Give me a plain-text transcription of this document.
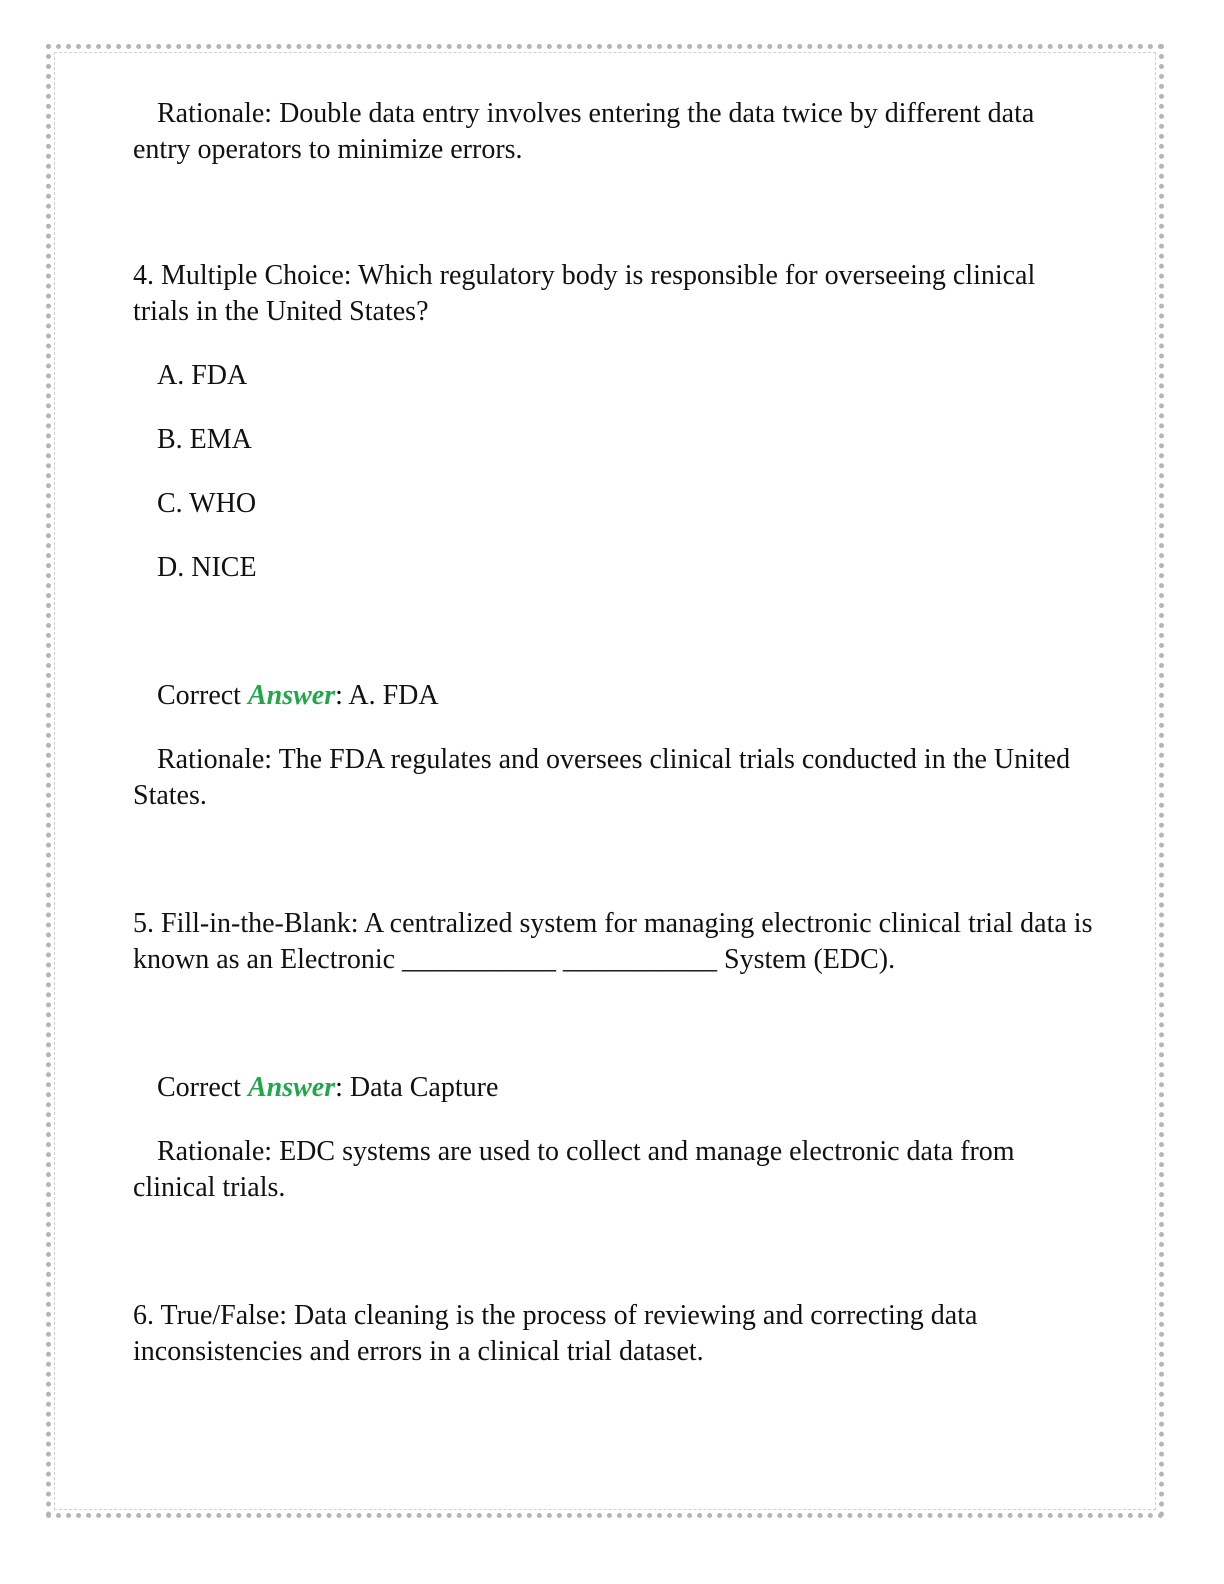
Rationale: Double data entry involves entering the data twice by different data entry operators to minimize errors.

4. Multiple Choice: Which regulatory body is responsible for overseeing clinical trials in the United States?

A. FDA
B. EMA
C. WHO
D. NICE

Correct Answer: A. FDA

Rationale: The FDA regulates and oversees clinical trials conducted in the United States.

5. Fill-in-the-Blank: A centralized system for managing electronic clinical trial data is known as an Electronic ___________ ___________ System (EDC).

Correct Answer: Data Capture

Rationale: EDC systems are used to collect and manage electronic data from clinical trials.

6. True/False: Data cleaning is the process of reviewing and correcting data inconsistencies and errors in a clinical trial dataset.
